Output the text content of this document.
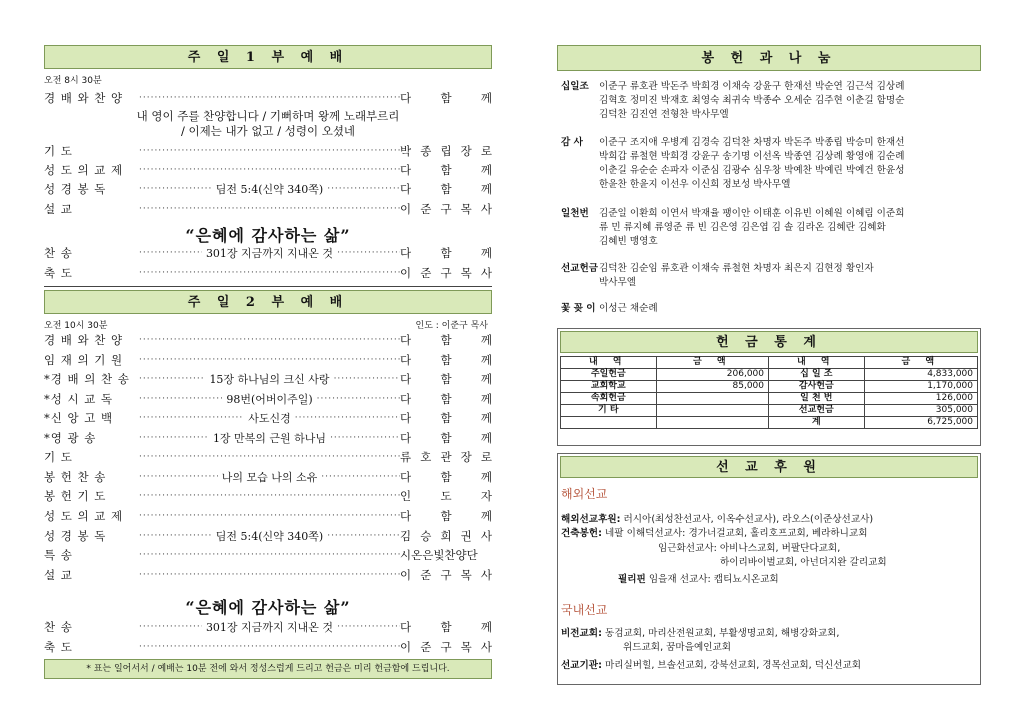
주 일 1 부 예 배
오전 8시 30분
경 배 와 찬 양 ·····	다 함 께
기 도 ·····	박 종 립 장 로
성 도 의 교 제 ·····	다 함 께
성 경 봉 독 ·····	딤전 5:4(신약 340쪽) ·····	다 함 께
설 교 ·····	이 준 구 목 사
찬 송 ·····	301장 지금까지 지내온 것 ·····	다 함 께
축 도 ·····	이 준 구 목 사
내 영이 주를 찬양합니다 / 기뻐하며 왕께 노래부르리
/ 이제는 내가 없고 / 성령이 오셨네
“은혜에 감사하는 삶”
주 일 2 부 예 배
오전 10시 30분	인도 : 이준구 목사
경 배 와 찬 양 ·····	다 함 께
임 재 의 기 원 ·····	다 함 께
*경 배 의 찬 송 ·····	15장 하나님의 크신 사랑 ·····	다 함 께
*성 시 교 독 ·····	98번(어버이주일) ·····	다 함 께
*신 앙 고 백 ·····	사도신경 ·····	다 함 께
*영 광 송 ·····	1장 만복의 근원 하나님 ·····	다 함 께
기 도 ·····	류 호 관 장 로
봉 헌 찬 송 ·····	나의 모습 나의 소유 ·····	다 함 께
봉 헌 기 도 ·····	인 도 자
성 도 의 교 제 ·····	다 함 께
성 경 봉 독 ·····	딤전 5:4(신약 340쪽) ·····	김 승 희 권 사
특 송 ·····	시온은빛찬양단
설 교 ·····	이 준 구 목 사
찬 송 ·····	301장 지금까지 지내온 것 ·····	다 함 께
축 도 ·····	이 준 구 목 사
“은혜에 감사하는 삶”
* 표는 일어서서 / 예배는 10분 전에 와서 정성스럽게 드리고 헌금은 미리 헌금함에 드립니다.
봉 헌 과 나 눔
십일조	이준구 류호관 박돈주 박희경 이채숙 강윤구 한재선 박순연 김근석 김상례
김혁호 정미진 박재호 최영숙 최귀숙 박종수 오세순 김주현 이춘길 함명순
김덕찬 김진연 전형찬 박사무엘
감 사	이준구 조지애 우병계 김경숙 김덕찬 차명자 박돈주 박종립 박승미 한재선
박희갑 류철현 박희경 강윤구 송기명 이선옥 박종연 김상례 황영애 김순례
이춘길 유순순 손파자 이준심 김광수 심우창 박예찬 박예린 박예건 한윤성
한윤찬 한윤지 이선우 이신희 정보성 박사무엘
일천번	김준일 이환희 이연서 박재율 팽이안 이태훈 이유빈 이혜원 이혜림 이준희
류 민 류지혜 류영준 류 빈 김은영 김은엽 김 솔 김라온 김혜란 김혜화
김혜빈 맹영호
선교헌금 김덕찬 김순임 류호관 이채숙 류철현 차명자 최은지 김현정 황인자
박사무엘
꽃 꽂 이 이성근 채순례
헌 금 통 계
내 역	금 액	내 역	금 액
주일헌금	206,000	십 일 조	4,833,000
교회학교	85,000	감사헌금	1,170,000
속회헌금		일 천 번	126,000
기 타		선교헌금	305,000
		계	6,725,000
선 교 후 원
해외선교
해외선교후원: 러시아(최성찬선교사, 이옥수선교사), 라오스(이준상선교사)
건축봉헌: 네팔 이해덕선교사: 경가너걸교회, 홀리호프교회, 베라하니교회
임근화선교사: 아비나스교회, 버팔단다교회,
하이리바이벌교회, 아넌더지완 갈리교회
필리핀 임을재 선교사: 캡티뇨시온교회
국내선교
비전교회: 동검교회, 마리산전원교회, 부활생명교회, 해병강화교회,
위드교회, 꿈마을예인교회
선교기관: 마리실버힐, 브솔선교회, 강북선교회, 경목선교회, 덕신선교회
